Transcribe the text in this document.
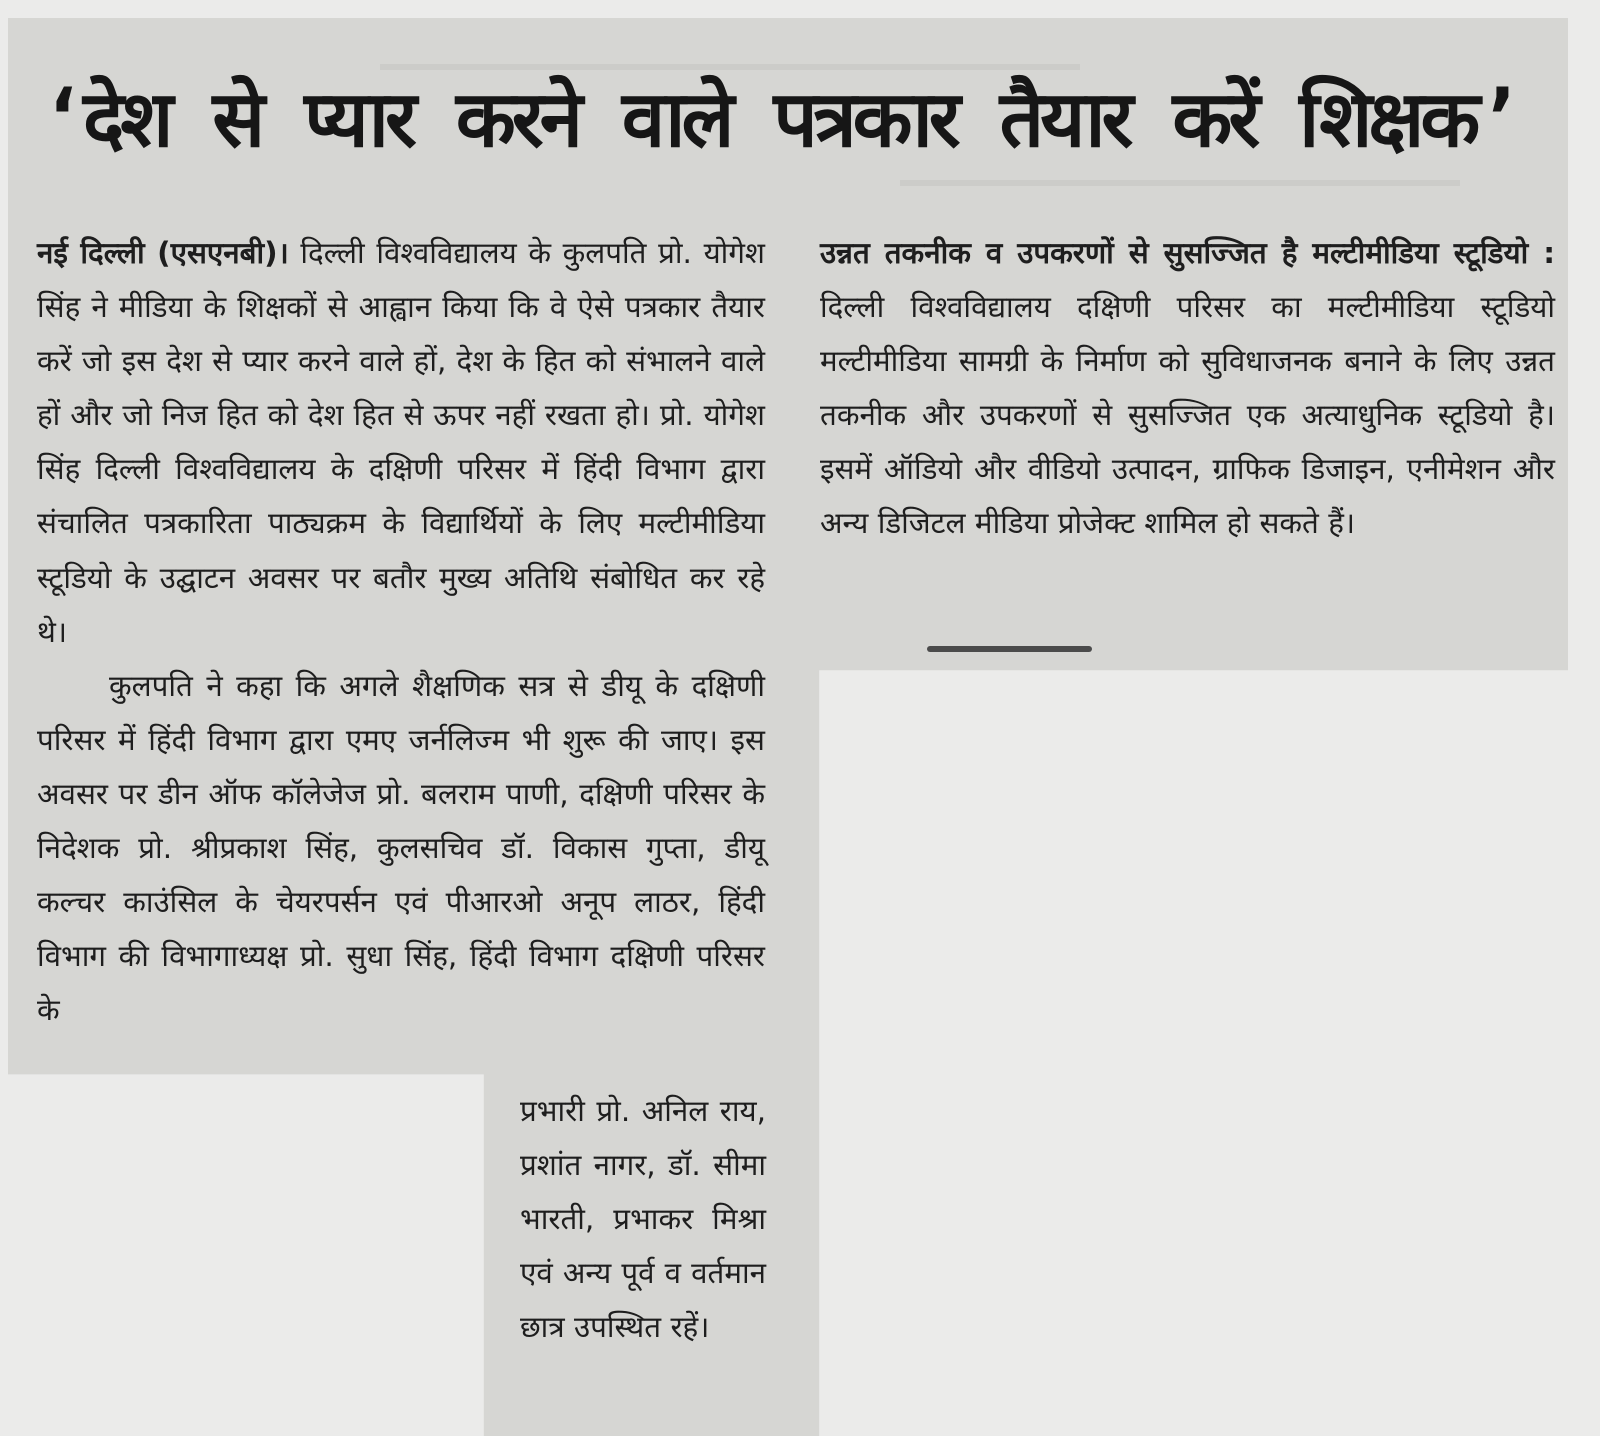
‘देश से प्यार करने वाले पत्रकार तैयार करें शिक्षक’

नई दिल्ली (एसएनबी)। दिल्ली विश्वविद्यालय के कुलपति प्रो. योगेश सिंह ने मीडिया के शिक्षकों से आह्वान किया कि वे ऐसे पत्रकार तैयार करें जो इस देश से प्यार करने वाले हों, देश के हित को संभालने वाले हों और जो निज हित को देश हित से ऊपर नहीं रखता हो। प्रो. योगेश सिंह दिल्ली विश्वविद्यालय के दक्षिणी परिसर में हिंदी विभाग द्वारा संचालित पत्रकारिता पाठ्यक्रम के विद्यार्थियों के लिए मल्टीमीडिया स्टूडियो के उद्घाटन अवसर पर बतौर मुख्य अतिथि संबोधित कर रहे थे।

कुलपति ने कहा कि अगले शैक्षणिक सत्र से डीयू के दक्षिणी परिसर में हिंदी विभाग द्वारा एमए जर्नलिज्म भी शुरू की जाए। इस अवसर पर डीन ऑफ कॉलेजेज प्रो. बलराम पाणी, दक्षिणी परिसर के निदेशक प्रो. श्रीप्रकाश सिंह, कुलसचिव डॉ. विकास गुप्ता, डीयू कल्चर काउंसिल के चेयरपर्सन एवं पीआरओ अनूप लाठर, हिंदी विभाग की विभागाध्यक्ष प्रो. सुधा सिंह, हिंदी विभाग दक्षिणी परिसर के

प्रभारी प्रो. अनिल राय, प्रशांत नागर, डॉ. सीमा भारती, प्रभाकर मिश्रा एवं अन्य पूर्व व वर्तमान छात्र उपस्थित रहें।

उन्नत तकनीक व उपकरणों से सुसज्जित है मल्टीमीडिया स्टूडियो : दिल्ली विश्वविद्यालय दक्षिणी परिसर का मल्टीमीडिया स्टूडियो मल्टीमीडिया सामग्री के निर्माण को सुविधाजनक बनाने के लिए उन्नत तकनीक और उपकरणों से सुसज्जित एक अत्याधुनिक स्टूडियो है। इसमें ऑडियो और वीडियो उत्पादन, ग्राफिक डिजाइन, एनीमेशन और अन्य डिजिटल मीडिया प्रोजेक्ट शामिल हो सकते हैं।
